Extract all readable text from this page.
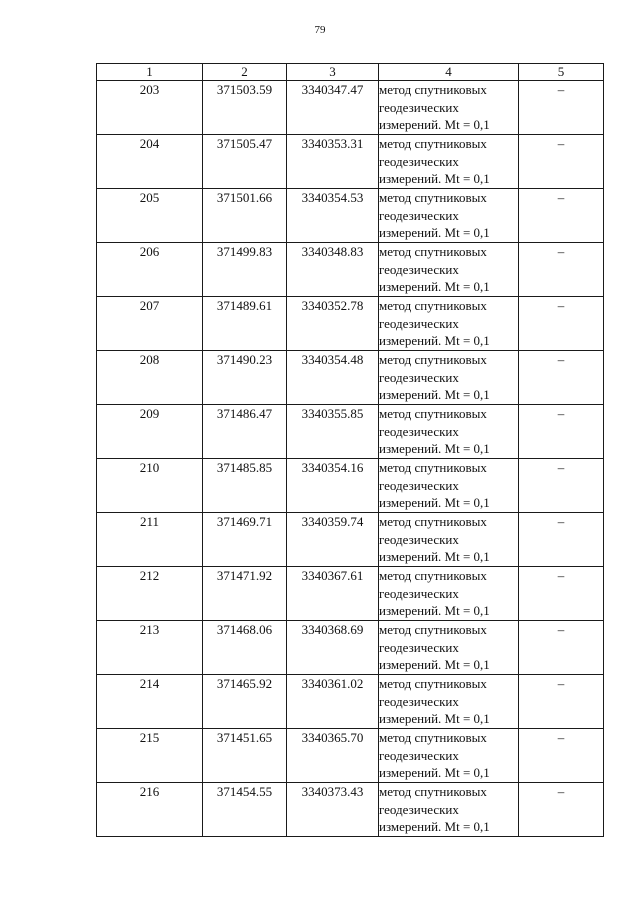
79
1	2	3	4	5
203	371503.59	3340347.47	метод спутниковых
геодезических
измерений. Mt = 0,1	–
204	371505.47	3340353.31	метод спутниковых
геодезических
измерений. Mt = 0,1	–
205	371501.66	3340354.53	метод спутниковых
геодезических
измерений. Mt = 0,1	–
206	371499.83	3340348.83	метод спутниковых
геодезических
измерений. Mt = 0,1	–
207	371489.61	3340352.78	метод спутниковых
геодезических
измерений. Mt = 0,1	–
208	371490.23	3340354.48	метод спутниковых
геодезических
измерений. Mt = 0,1	–
209	371486.47	3340355.85	метод спутниковых
геодезических
измерений. Mt = 0,1	–
210	371485.85	3340354.16	метод спутниковых
геодезических
измерений. Mt = 0,1	–
211	371469.71	3340359.74	метод спутниковых
геодезических
измерений. Mt = 0,1	–
212	371471.92	3340367.61	метод спутниковых
геодезических
измерений. Mt = 0,1	–
213	371468.06	3340368.69	метод спутниковых
геодезических
измерений. Mt = 0,1	–
214	371465.92	3340361.02	метод спутниковых
геодезических
измерений. Mt = 0,1	–
215	371451.65	3340365.70	метод спутниковых
геодезических
измерений. Mt = 0,1	–
216	371454.55	3340373.43	метод спутниковых
геодезических
измерений. Mt = 0,1	–
